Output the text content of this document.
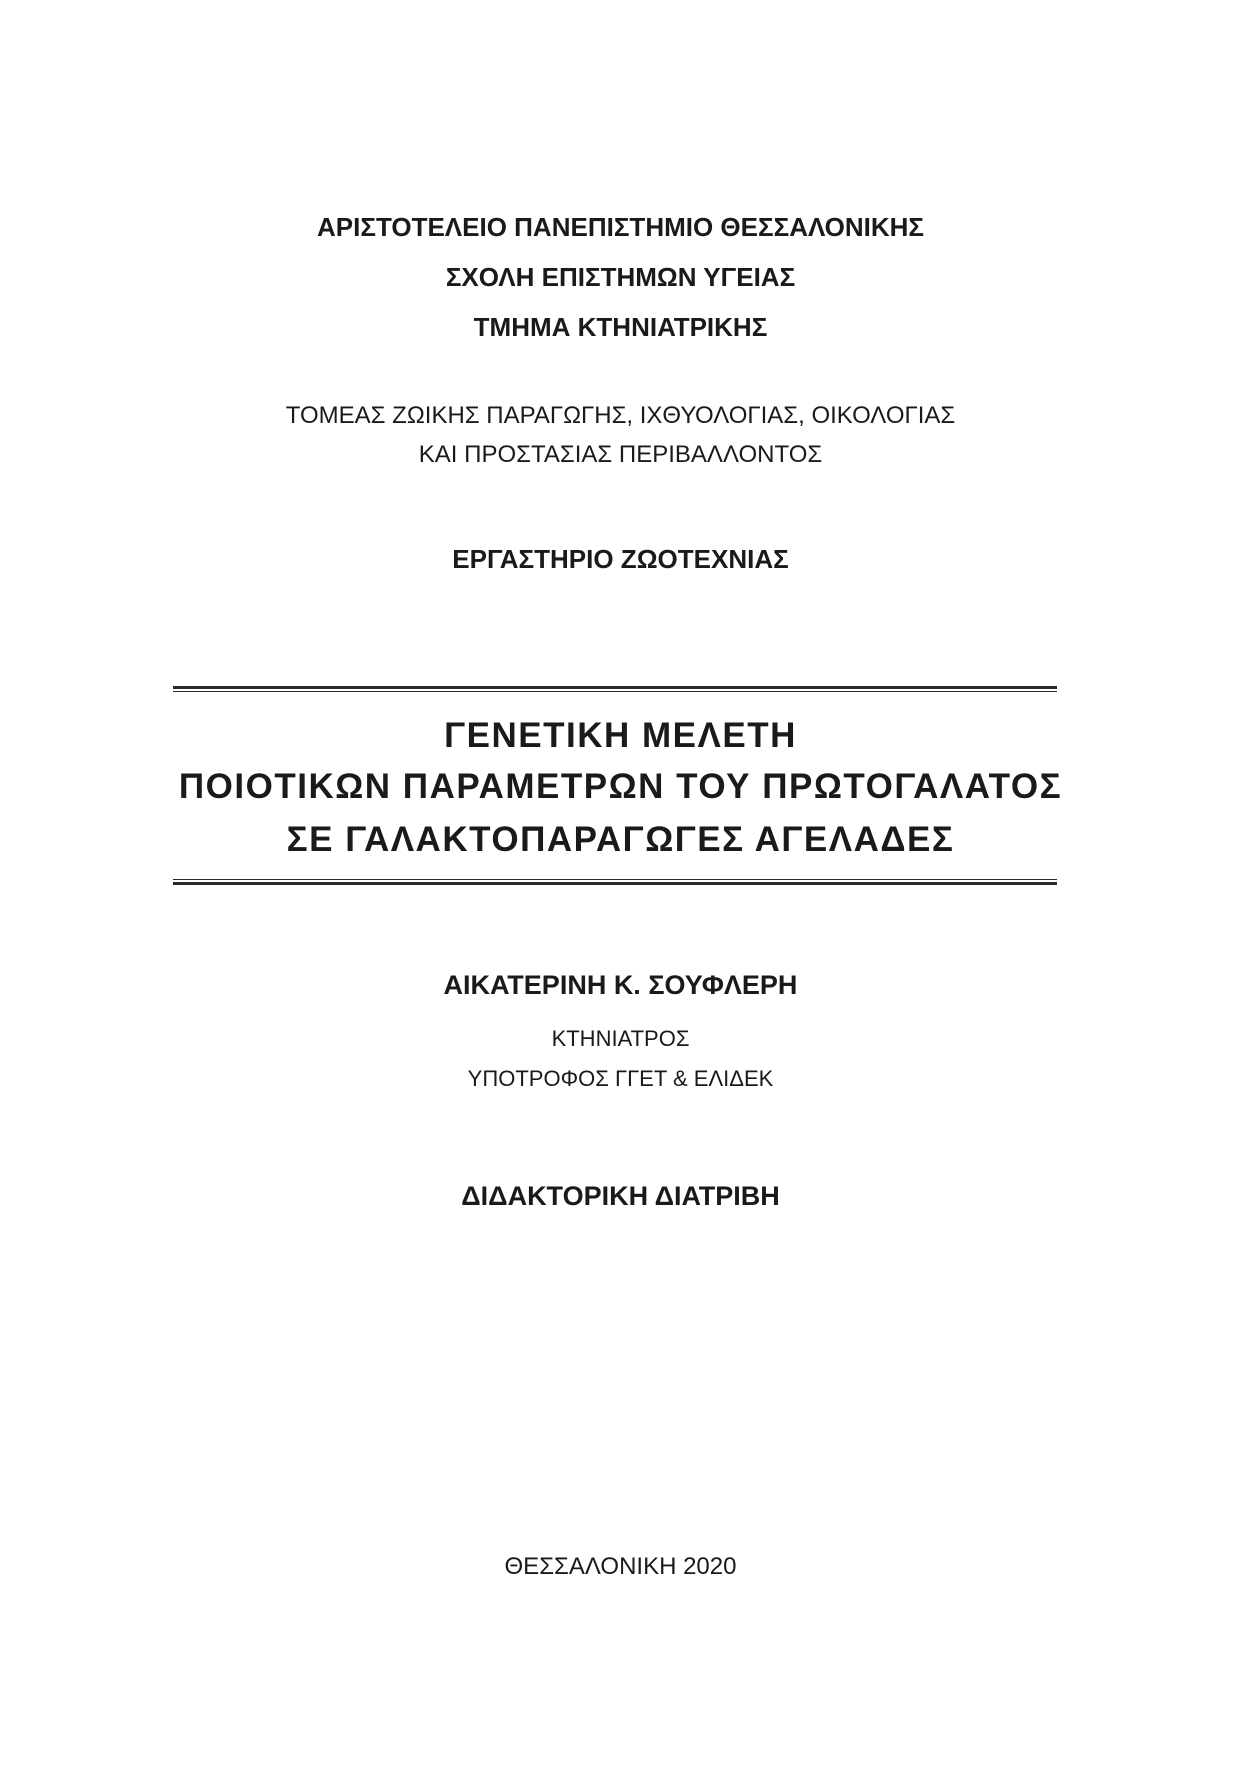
ΑΡΙΣΤΟΤΕΛΕΙΟ ΠΑΝΕΠΙΣΤΗΜΙΟ ΘΕΣΣΑΛΟΝΙΚΗΣ
ΣΧΟΛΗ ΕΠΙΣΤΗΜΩΝ ΥΓΕΙΑΣ
ΤΜΗΜΑ ΚΤΗΝΙΑΤΡΙΚΗΣ
ΤΟΜΕΑΣ ΖΩΙΚΗΣ ΠΑΡΑΓΩΓΗΣ, ΙΧΘΥΟΛΟΓΙΑΣ, ΟΙΚΟΛΟΓΙΑΣ
ΚΑΙ ΠΡΟΣΤΑΣΙΑΣ ΠΕΡΙΒΑΛΛΟΝΤΟΣ
ΕΡΓΑΣΤΗΡΙΟ ΖΩΟΤΕΧΝΙΑΣ
ΓΕΝΕΤΙΚΗ ΜΕΛΕΤΗ
ΠΟΙΟΤΙΚΩΝ ΠΑΡΑΜΕΤΡΩΝ ΤΟΥ ΠΡΩΤΟΓΑΛΑΤΟΣ
ΣΕ ΓΑΛΑΚΤΟΠΑΡΑΓΩΓΕΣ ΑΓΕΛΑΔΕΣ
ΑΙΚΑΤΕΡΙΝΗ Κ. ΣΟΥΦΛΕΡΗ
ΚΤΗΝΙΑΤΡΟΣ
ΥΠΟΤΡΟΦΟΣ ΓΓΕΤ & ΕΛΙΔΕΚ
ΔΙΔΑΚΤΟΡΙΚΗ ΔΙΑΤΡΙΒΗ
ΘΕΣΣΑΛΟΝΙΚΗ 2020
